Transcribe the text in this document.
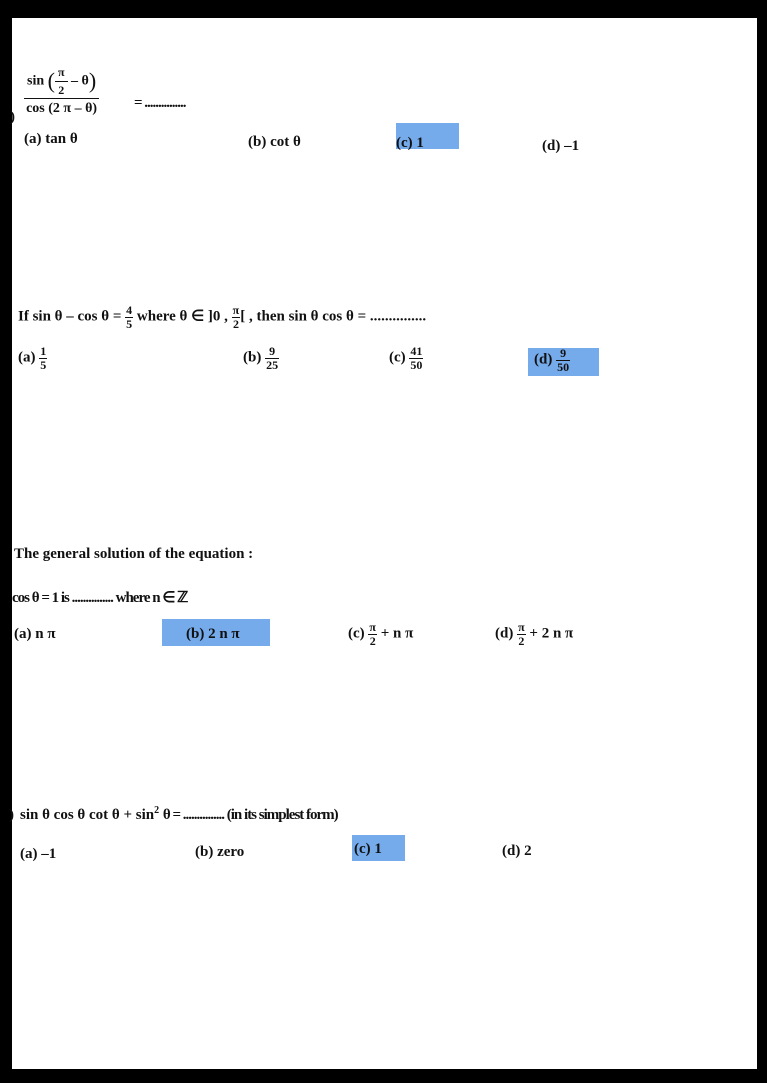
) $\frac{\sin ( \frac{\pi}{2} - \theta)}{\cos (2 \pi - \theta)}$ = ...............
(a) tan θ	(b) cot θ	(c) 1	(d) –1
If $\sin \theta - \cos \theta = \frac{4}{5}$ where θ ∈ ]0 , $\frac{\pi}{2}$ [ , then sin θ cos θ = ...............
$(a) \frac{1}{5}$	$(b) \frac{9}{25}$	$(c) \frac{41}{50}$	$(d) \frac{9}{50}$
The general solution of the equation :
cos θ = 1 is ............... where n ∈ ℤ
(a) n π	(b) 2 n π	$(c) \frac{\pi}{2} + n$ π	$(d) \frac{\pi}{2} + 2$ n π
) sin θ cos θ $\cot \theta + \sin^2 \theta$ = ............... (in its simplest form)
(a) –1	(b) zero	(c) 1	(d) 2
